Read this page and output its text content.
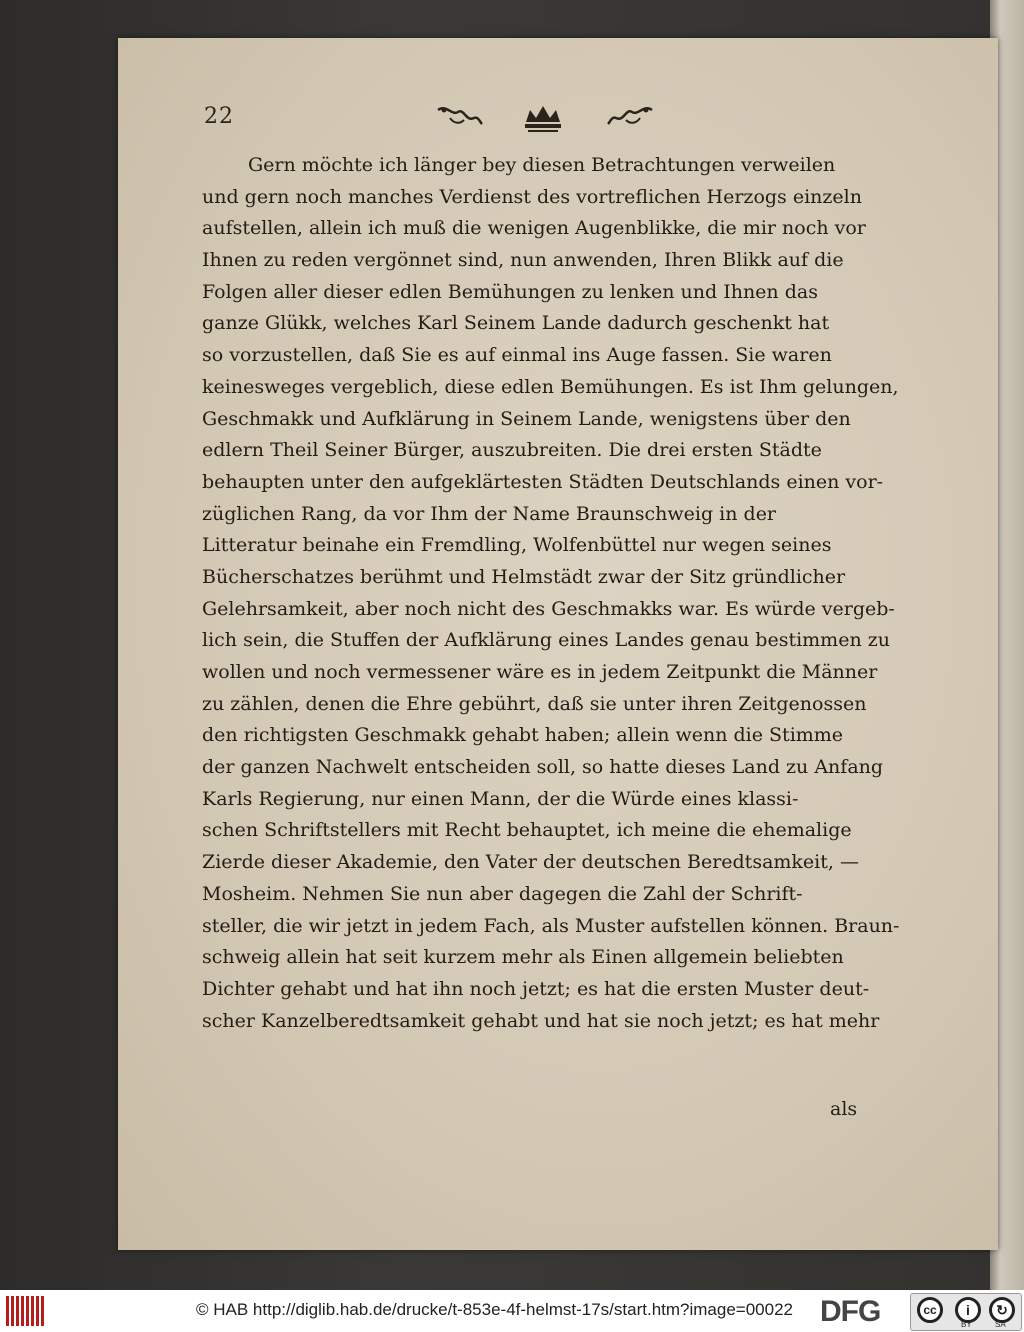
22
Gern möchte ich länger bey diesen Betrachtungen verweilen
und gern noch manches Verdienst des vortreflichen Herzogs einzeln
aufstellen, allein ich muß die wenigen Augenblikke, die mir noch vor
Ihnen zu reden vergönnet sind, nun anwenden, Ihren Blikk auf die
Folgen aller dieser edlen Bemühungen zu lenken und Ihnen das
ganze Glükk, welches Karl Seinem Lande dadurch geschenkt hat
so vorzustellen, daß Sie es auf einmal ins Auge fassen. Sie waren
keinesweges vergeblich, diese edlen Bemühungen. Es ist Ihm gelungen,
Geschmakk und Aufklärung in Seinem Lande, wenigstens über den
edlern Theil Seiner Bürger, auszubreiten. Die drei ersten Städte
behaupten unter den aufgeklärtesten Städten Deutschlands einen vor-
züglichen Rang, da vor Ihm der Name Braunschweig in der
Litteratur beinahe ein Fremdling, Wolfenbüttel nur wegen seines
Bücherschatzes berühmt und Helmstädt zwar der Sitz gründlicher
Gelehrsamkeit, aber noch nicht des Geschmakks war. Es würde vergeb-
lich sein, die Stuffen der Aufklärung eines Landes genau bestimmen zu
wollen und noch vermessener wäre es in jedem Zeitpunkt die Männer
zu zählen, denen die Ehre gebührt, daß sie unter ihren Zeitgenossen
den richtigsten Geschmakk gehabt haben; allein wenn die Stimme
der ganzen Nachwelt entscheiden soll, so hatte dieses Land zu Anfang
Karls Regierung, nur einen Mann, der die Würde eines klassi-
schen Schriftstellers mit Recht behauptet, ich meine die ehemalige
Zierde dieser Akademie, den Vater der deutschen Beredtsamkeit, —
Mosheim. Nehmen Sie nun aber dagegen die Zahl der Schrift-
steller, die wir jetzt in jedem Fach, als Muster aufstellen können. Braun-
schweig allein hat seit kurzem mehr als Einen allgemein beliebten
Dichter gehabt und hat ihn noch jetzt; es hat die ersten Muster deut-
scher Kanzelberedtsamkeit gehabt und hat sie noch jetzt; es hat mehr
als
© HAB http://diglib.hab.de/drucke/t-853e-4f-helmst-17s/start.htm?image=00022 DFG	cc	i	↻
BY	SA
